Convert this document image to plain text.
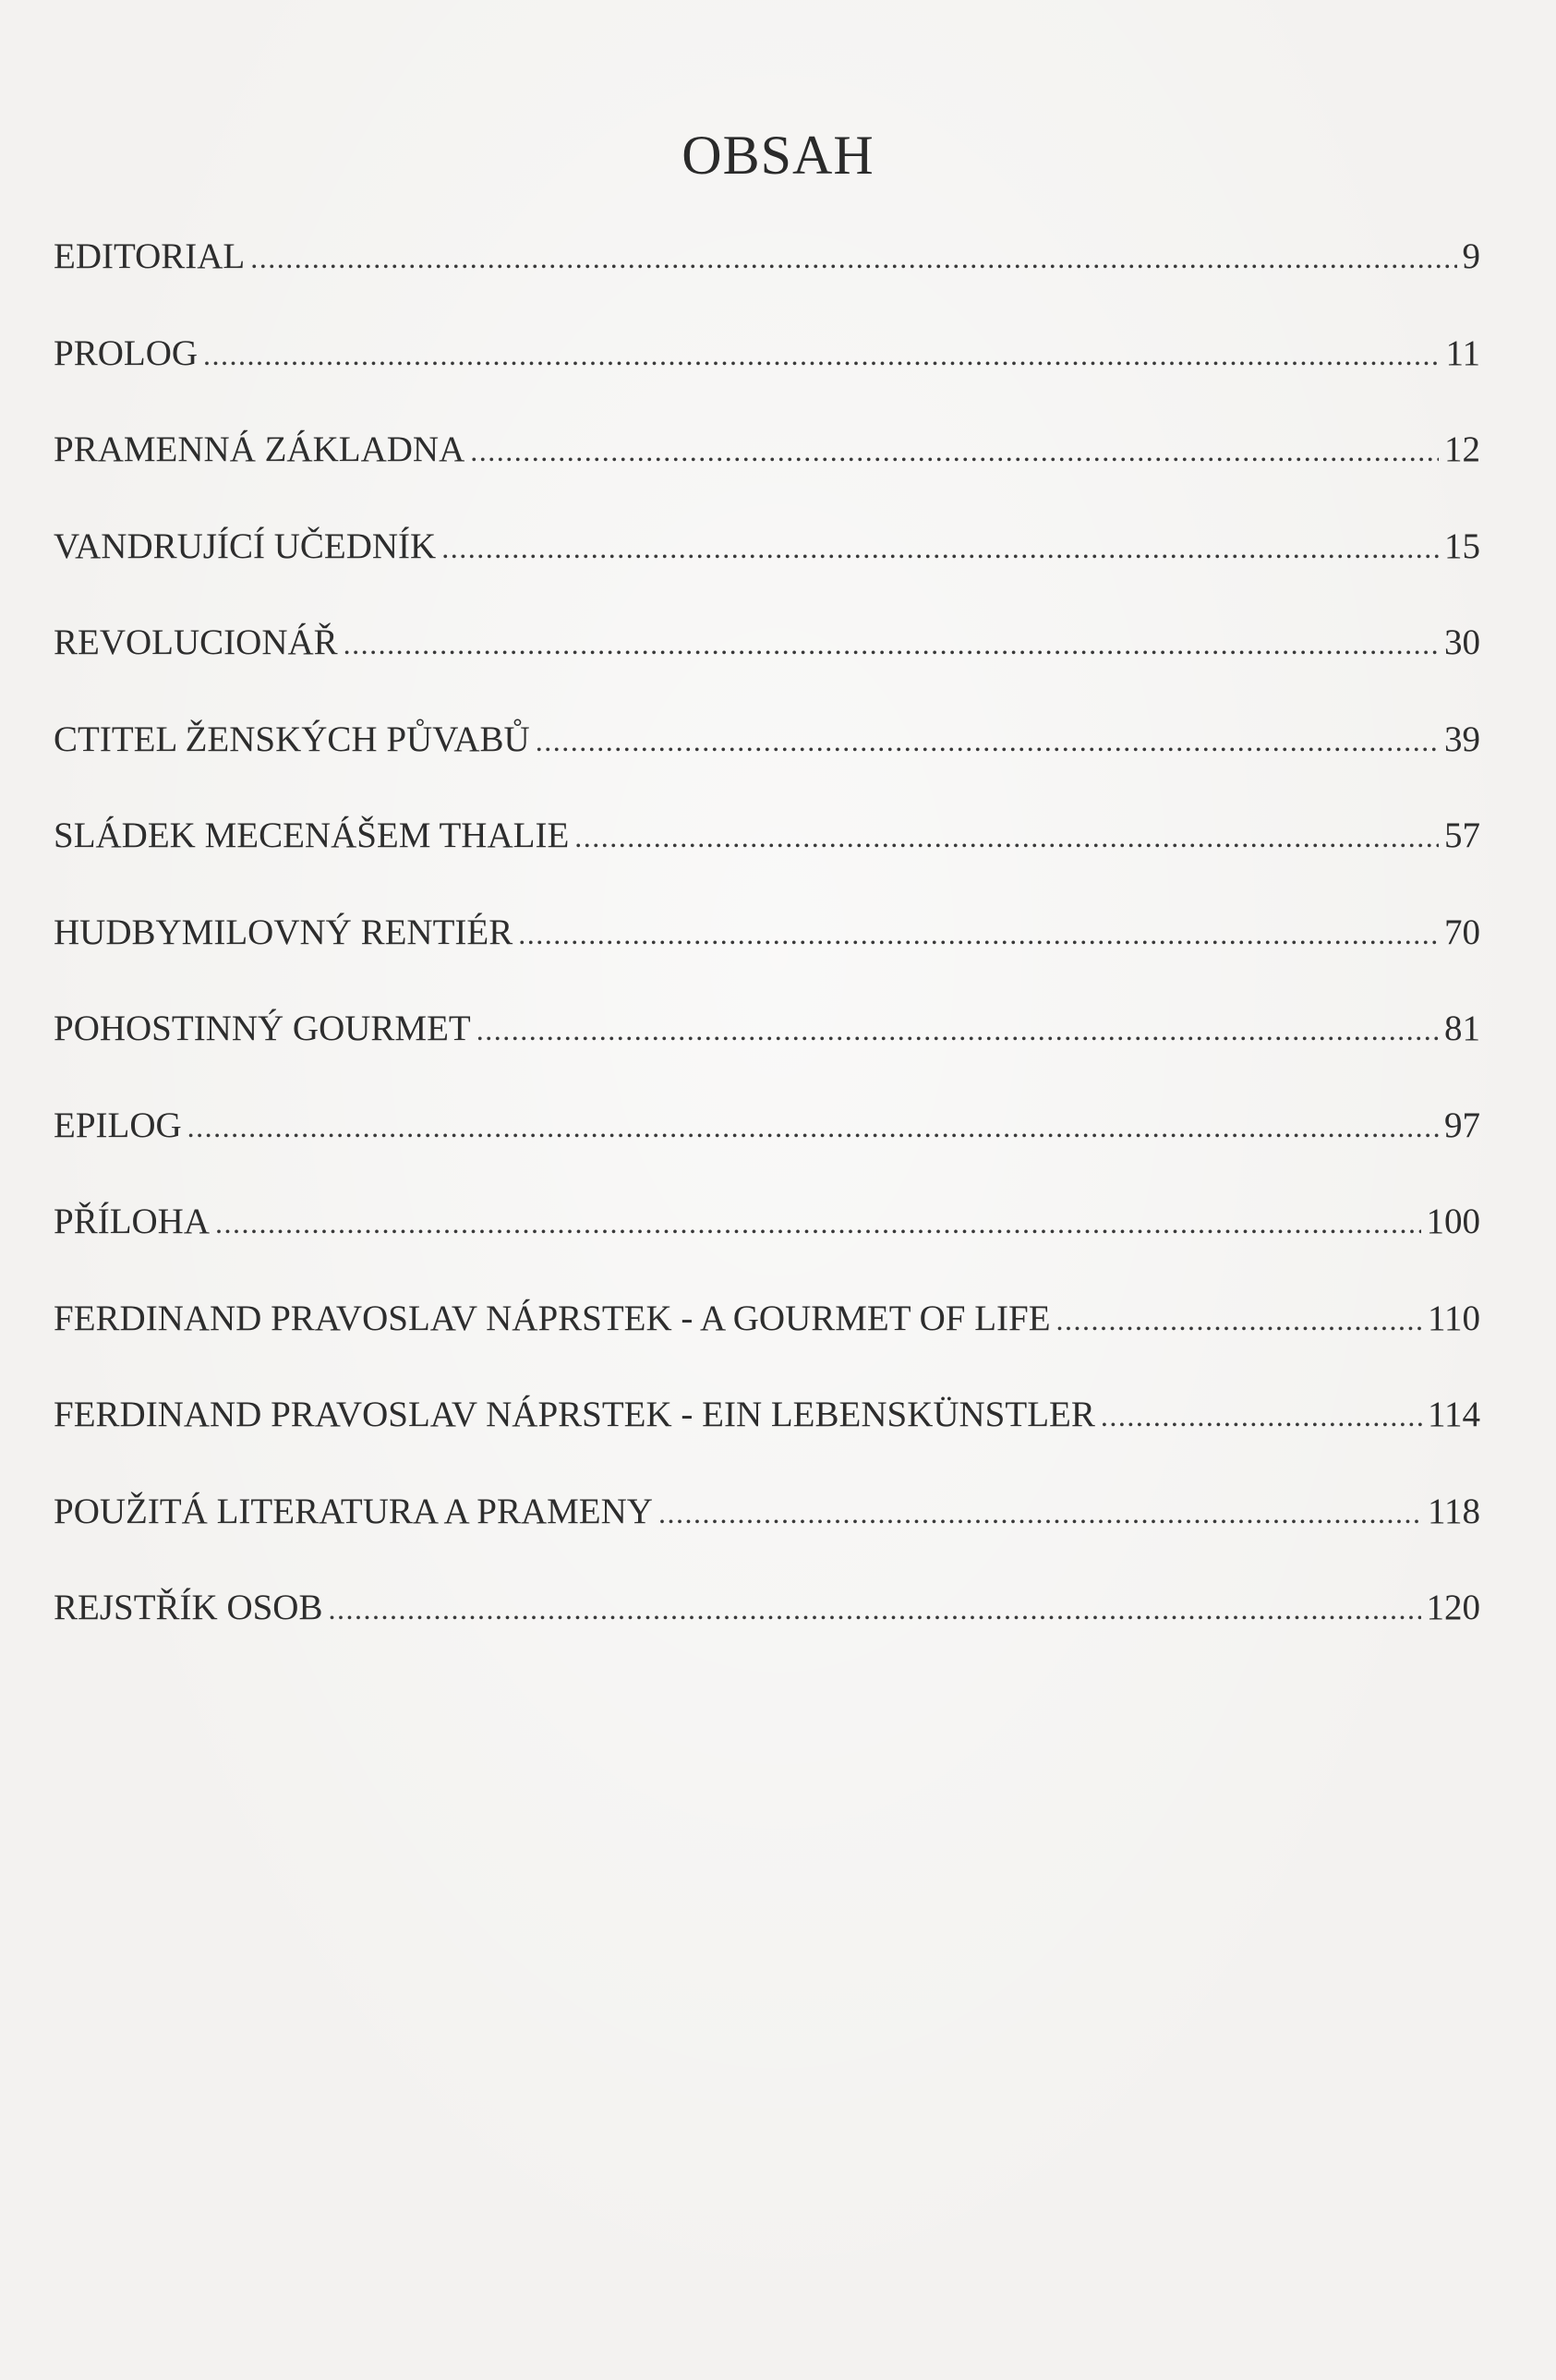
OBSAH
EDITORIAL .....	9
PROLOG .....	11
PRAMENNÁ ZÁKLADNA .....	12
VANDRUJÍCÍ UČEDNÍK .....	15
REVOLUCIONÁŘ .....	30
CTITEL ŽENSKÝCH PŮVABŮ .....	39
SLÁDEK MECENÁŠEM THALIE .....	57
HUDBYMILOVNÝ RENTIÉR .....	70
POHOSTINNÝ GOURMET .....	81
EPILOG .....	97
PŘÍLOHA .....	100
FERDINAND PRAVOSLAV NÁPRSTEK - A GOURMET OF LIFE .....	110
FERDINAND PRAVOSLAV NÁPRSTEK - EIN LEBENSKÜNSTLER .....	114
POUŽITÁ LITERATURA A PRAMENY .....	118
REJSTŘÍK OSOB .....	120
